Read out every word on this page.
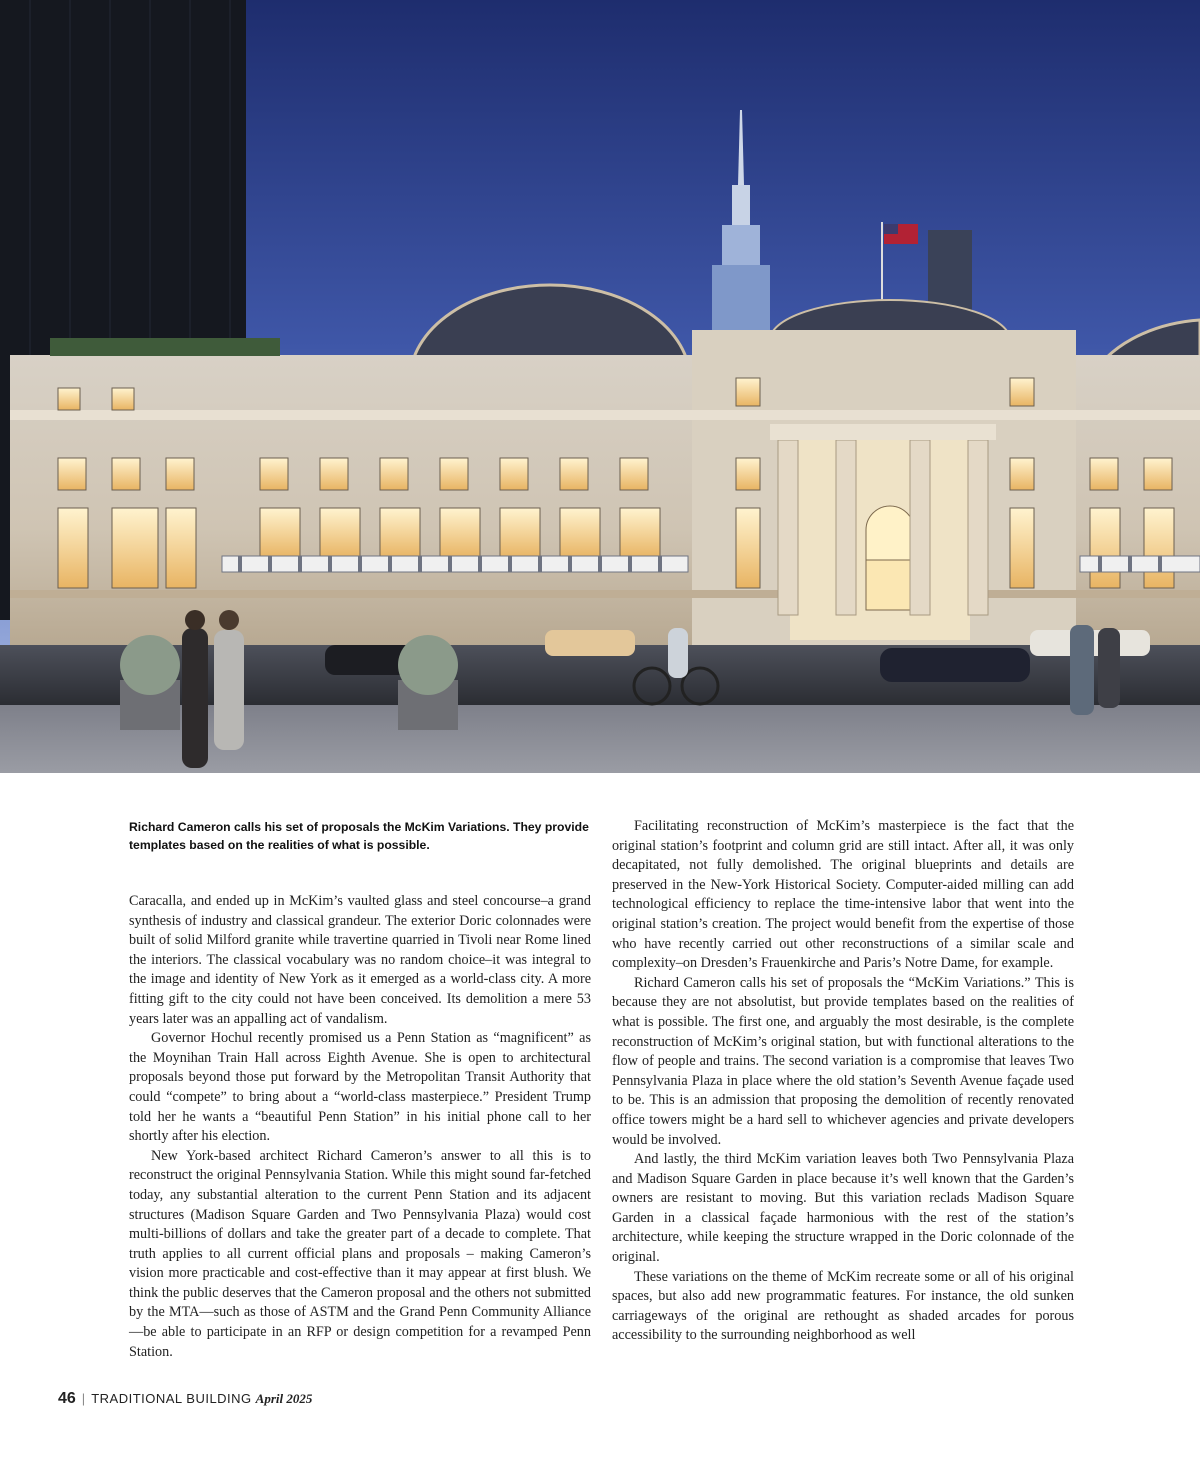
Richard Cameron calls his set of proposals the McKim Variations. They provide templates based on the realities of what is possible.

Caracalla, and ended up in McKim’s vaulted glass and steel concourse–a grand synthesis of industry and classical grandeur. The exterior Doric colonnades were built of solid Milford granite while travertine quarried in Tivoli near Rome lined the interiors. The classical vocabulary was no random choice–it was integral to the image and identity of New York as it emerged as a world-class city. A more fitting gift to the city could not have been conceived. Its demolition a mere 53 years later was an appalling act of vandalism.

Governor Hochul recently promised us a Penn Station as “magnificent” as the Moynihan Train Hall across Eighth Avenue. She is open to architectural proposals beyond those put forward by the Metropolitan Transit Authority that could “compete” to bring about a “world-class masterpiece.” President Trump told her he wants a “beautiful Penn Station” in his initial phone call to her shortly after his election.

New York-based architect Richard Cameron’s answer to all this is to reconstruct the original Pennsylvania Station. While this might sound far-fetched today, any substantial alteration to the current Penn Station and its adjacent structures (Madison Square Garden and Two Pennsylvania Plaza) would cost multi-billions of dollars and take the greater part of a decade to complete. That truth applies to all current official plans and proposals – making Cameron’s vision more practicable and cost-effective than it may appear at first blush. We think the public deserves that the Cameron proposal and the others not submitted by the MTA—such as those of ASTM and the Grand Penn Community Alliance—be able to participate in an RFP or design competition for a revamped Penn Station.

Facilitating reconstruction of McKim’s masterpiece is the fact that the original station’s footprint and column grid are still intact. After all, it was only decapitated, not fully demolished. The original blueprints and details are preserved in the New-York Historical Society. Computer-aided milling can add technological efficiency to replace the time-intensive labor that went into the original station’s creation. The project would benefit from the expertise of those who have recently carried out other reconstructions of a similar scale and complexity–on Dresden’s Frauenkirche and Paris’s Notre Dame, for example.

Richard Cameron calls his set of proposals the “McKim Variations.” This is because they are not absolutist, but provide templates based on the realities of what is possible. The first one, and arguably the most desirable, is the complete reconstruction of McKim’s original station, but with functional alterations to the flow of people and trains. The second variation is a compromise that leaves Two Pennsylvania Plaza in place where the old station’s Seventh Avenue façade used to be. This is an admission that proposing the demolition of recently renovated office towers might be a hard sell to whichever agencies and private developers would be involved.

And lastly, the third McKim variation leaves both Two Pennsylvania Plaza and Madison Square Garden in place because it’s well known that the Garden’s owners are resistant to moving. But this variation reclads Madison Square Garden in a classical façade harmonious with the rest of the station’s architecture, while keeping the structure wrapped in the Doric colonnade of the original.

These variations on the theme of McKim recreate some or all of his original spaces, but also add new programmatic features. For instance, the old sunken carriageways of the original are rethought as shaded arcades for porous accessibility to the surrounding neighborhood as well

46 | TRADITIONAL BUILDING April 2025
